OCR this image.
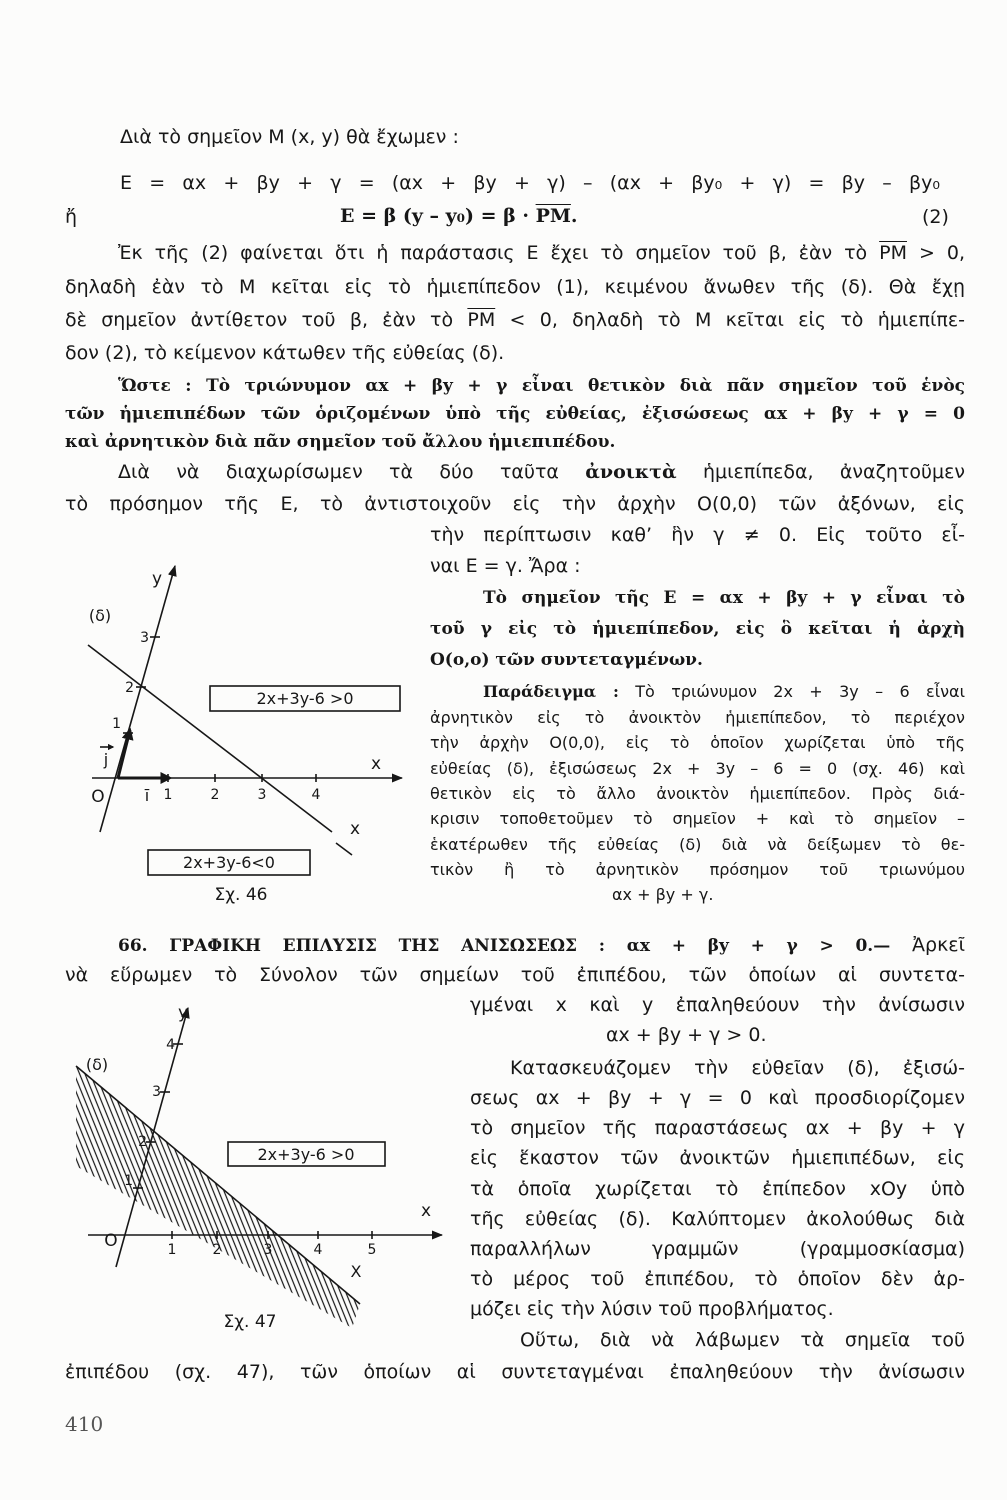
Διὰ τὸ σημεῖον Μ (x, y) θὰ ἔχωμεν :
Ε = αx + βy + γ = (αx + βy + γ) – (αx + βy₀ + γ) = βy – βy₀
ἤ	Ε = β $(y - y_0) = \beta \cdot \overline{PM}$.	(2)
Ἐκ τῆς (2) φαίνεται ὅτι ἡ παράστασις Ε ἔχει τὸ σημεῖον τοῦ β, ἐὰν τὸ $\overline{PM} > 0$,
δηλαδὴ ἐὰν τὸ Μ κεῖται εἰς τὸ ἡμιεπίπεδον (1), κειμένου ἄνωθεν τῆς (δ). Θὰ ἔχῃ
δὲ σημεῖον ἀντίθετον τοῦ β, ἐὰν τὸ $\overline{PM} < 0$, δηλαδὴ τὸ Μ κεῖται εἰς τὸ ἡμιεπίπε-
δον (2), τὸ κείμενον κάτωθεν τῆς εὐθείας (δ).
Ὥστε : Τὸ τριώνυμον αx + βy + γ εἶναι θετικὸν διὰ πᾶν σημεῖον τοῦ ἑνὸς
τῶν ἡμιεπιπέδων τῶν ὁριζομένων ὑπὸ τῆς εὐθείας, ἐξισώσεως αx + βy + γ = 0
καὶ ἀρνητικὸν διὰ πᾶν σημεῖον τοῦ ἄλλου ἡμιεπιπέδου.
Διὰ νὰ διαχωρίσωμεν τὰ δύο ταῦτα ἀνοικτὰ ἡμιεπίπεδα, ἀναζητοῦμεν
τὸ πρόσημον τῆς Ε, τὸ ἀντιστοιχοῦν εἰς τὴν ἀρχὴν Ο(0,0) τῶν ἀξόνων, εἰς
τὴν περίπτωσιν καθ’ ἣν γ ≠ 0. Εἰς τοῦτο εἶ-
ναι Ε = γ. Ἄρα :
Τὸ σημεῖον τῆς Ε = αx + βy + γ εἶναι τὸ
τοῦ γ εἰς τὸ ἡμιεπίπεδον, εἰς ὃ κεῖται ἡ ἀρχὴ
Ο(ο,ο) τῶν συντεταγμένων.
Παράδειγμα : Τὸ τριώνυμον 2x + 3y – 6 εἶναι
ἀρνητικὸν εἰς τὸ ἀνοικτὸν ἡμιεπίπεδον, τὸ περιέχον
τὴν ἀρχὴν Ο(0,0), εἰς τὸ ὁποῖον χωρίζεται ὑπὸ τῆς
εὐθείας (δ), ἐξισώσεως 2x + 3y – 6 = 0 (σχ. 46) καὶ
θετικὸν εἰς τὸ ἄλλο ἀνοικτὸν ἡμιεπίπεδον. Πρὸς διά-
κρισιν τοποθετοῦμεν τὸ σημεῖον + καὶ τὸ σημεῖον –
ἑκατέρωθεν τῆς εὐθείας (δ) διὰ νὰ δείξωμεν τὸ θε-
τικὸν ἢ τὸ ἀρνητικὸν πρόσημον τοῦ τριωνύμου
αx + βy + γ.
66. ΓΡΑΦΙΚΗ ΕΠΙΛΥΣΙΣ ΤΗΣ ΑΝΙΣΩΣΕΩΣ : αx + βy + γ > 0.— Ἀρκεῖ
νὰ εὕρωμεν τὸ Σύνολον τῶν σημείων τοῦ ἐπιπέδου, τῶν ὁποίων αἱ συντετα-
γμέναι x καὶ y ἐπαληθεύουν τὴν ἀνίσωσιν
αx + βy + γ > 0.
Κατασκευάζομεν τὴν εὐθεῖαν (δ), ἐξισώ-
σεως αx + βy + γ = 0 καὶ προσδιορίζομεν
τὸ σημεῖον τῆς παραστάσεως αx + βy + γ
εἰς ἕκαστον τῶν ἀνοικτῶν ἡμιεπιπέδων, εἰς
τὰ ὁποῖα χωρίζεται τὸ ἐπίπεδον xΟy ὑπὸ
τῆς εὐθείας (δ). Καλύπτομεν ἀκολούθως διὰ
παραλλήλων γραμμῶν (γραμμοσκίασμα)
τὸ μέρος τοῦ ἐπιπέδου, τὸ ὁποῖον δὲν ἁρ-
μόζει εἰς τὴν λύσιν τοῦ προβλήματος.
Οὕτω, διὰ νὰ λάβωμεν τὰ σημεῖα τοῦ
ἐπιπέδου (σχ. 47), τῶν ὁποίων αἱ συντεταγμέναι ἐπαληθεύουν τὴν ἀνίσωσιν
410
1
2
3
1	2	3	4
O	ī
j
y
x
(δ)
x
2x+3y-6 >0
2x+3y-6<0
Σχ. 46
1
2
3
4
1	2	3	4	5
O
y
x
(δ)
X
2x+3y-6 >0
Σχ. 47
